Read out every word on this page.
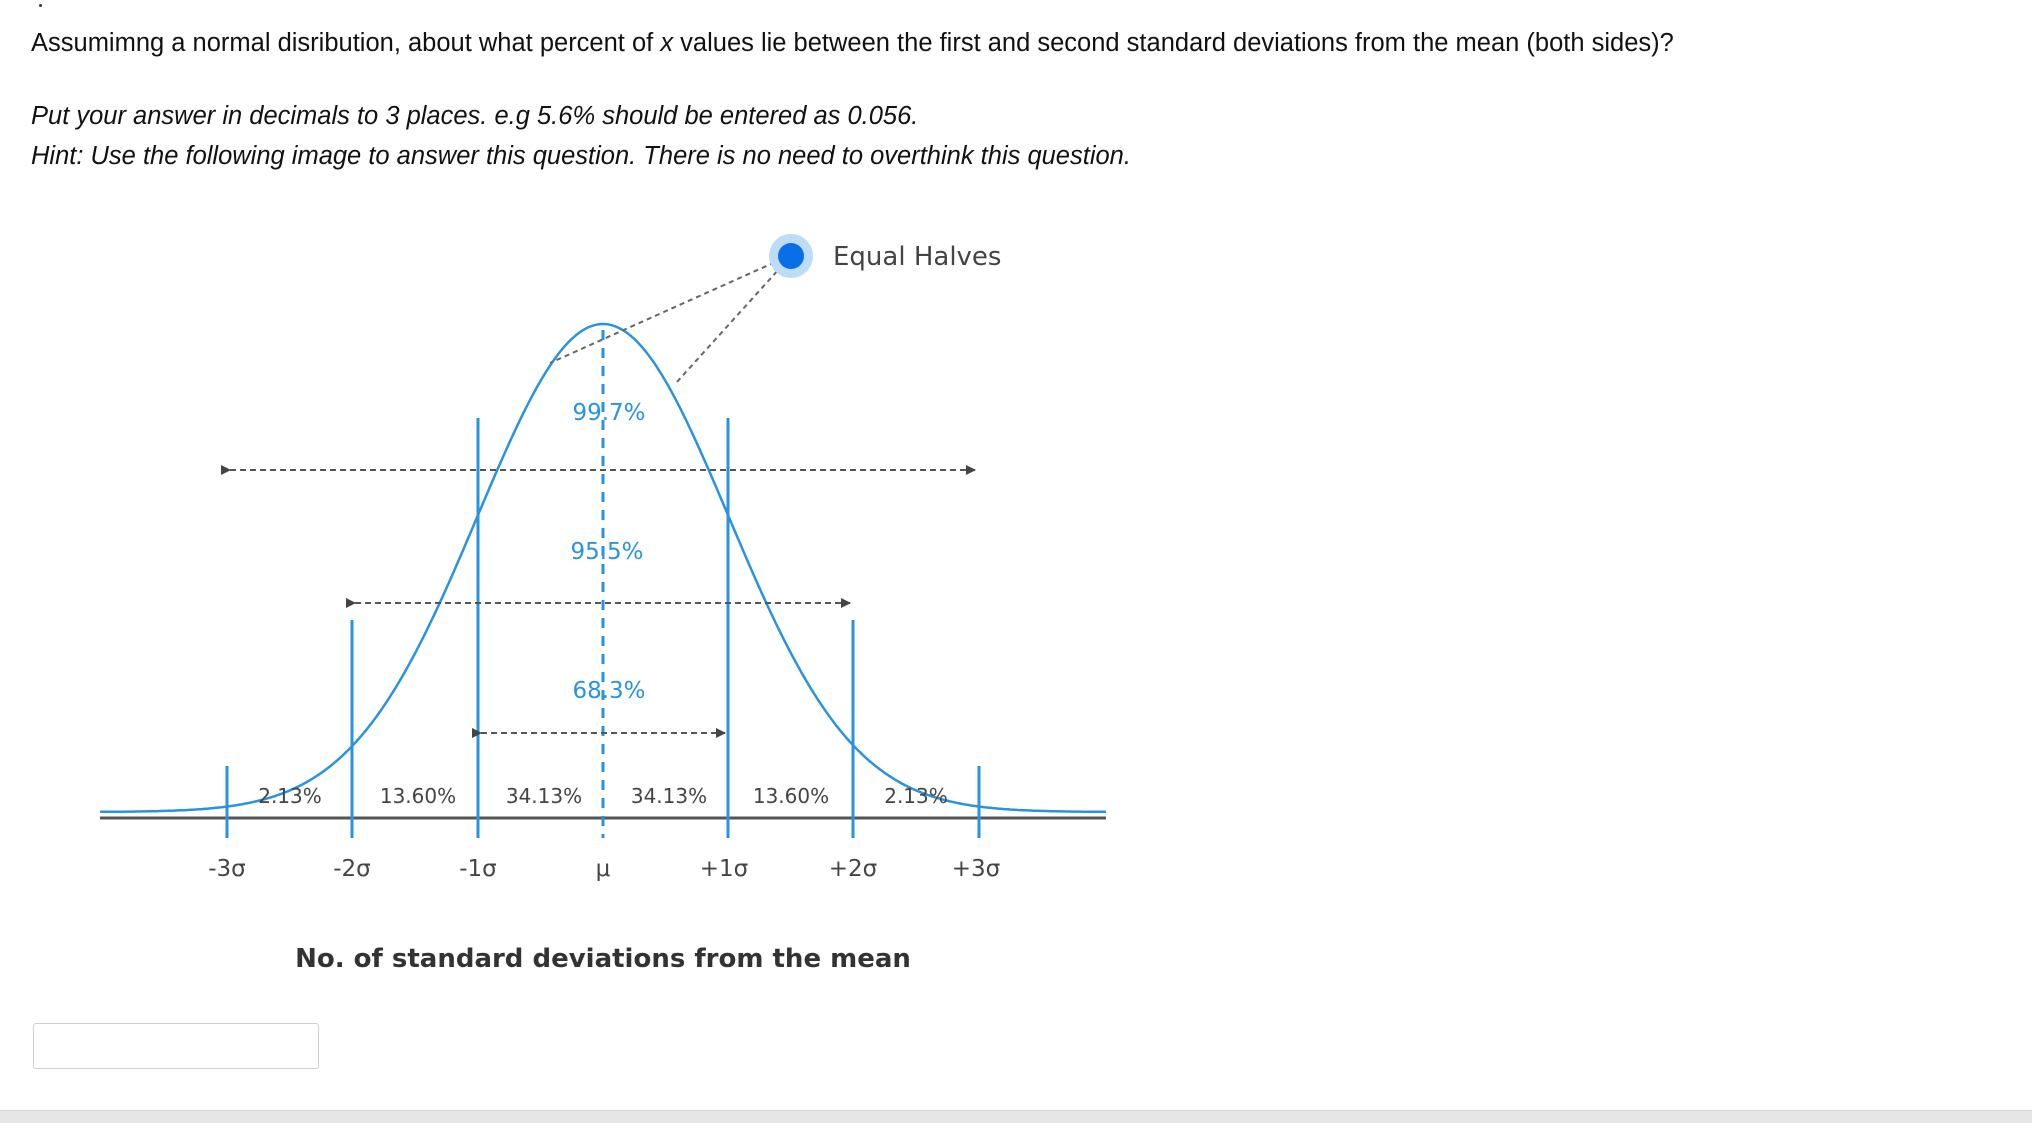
Assumimng a normal disribution, about what percent of x values lie between the first and second standard deviations from the mean (both sides)?

Put your answer in decimals to 3 places. e.g 5.6% should be entered as 0.056.

Hint: Use the following image to answer this question. There is no need to overthink this question.

99.7%
95.5%
68.3%
Equal Halves
2.13%	13.60% 34.13% 34.13% 13.60%	2.13%
-3σ	-2σ	-1σ	μ	+1σ	+2σ	+3σ
No. of standard deviations from the mean
